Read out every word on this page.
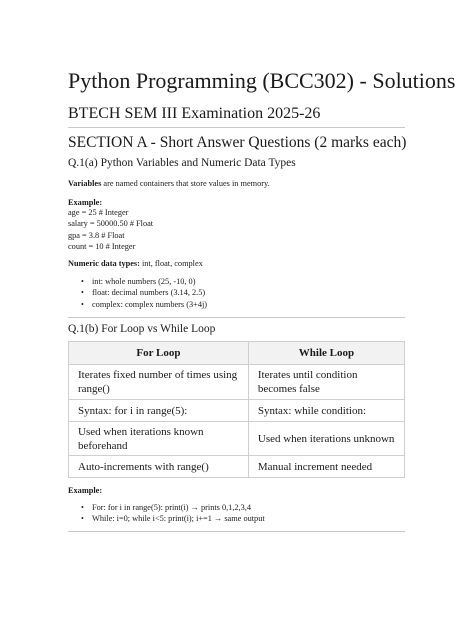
Python Programming (BCC302) - Solutions
BTECH SEM III Examination 2025-26
SECTION A - Short Answer Questions (2 marks each)
Q.1(a) Python Variables and Numeric Data Types
Variables are named containers that store values in memory.
Example:
age = 25 # Integer
salary = 50000.50 # Float
gpa = 3.8 # Float
count = 10 # Integer
Numeric data types: int, float, complex
• int: whole numbers (25, -10, 0)
• float: decimal numbers (3.14, 2.5)
• complex: complex numbers (3+4j)
Q.1(b) For Loop vs While Loop
For Loop	While Loop
Iterates fixed number of times using range()	Iterates until condition becomes false
Syntax: for i in range(5):	Syntax: while condition:
Used when iterations known beforehand	Used when iterations unknown
Auto-increments with range()	Manual increment needed
Example:
• For: for i in range(5): print(i) → prints 0,1,2,3,4
• While: i=0; while i<5: print(i); i+=1 → same output
